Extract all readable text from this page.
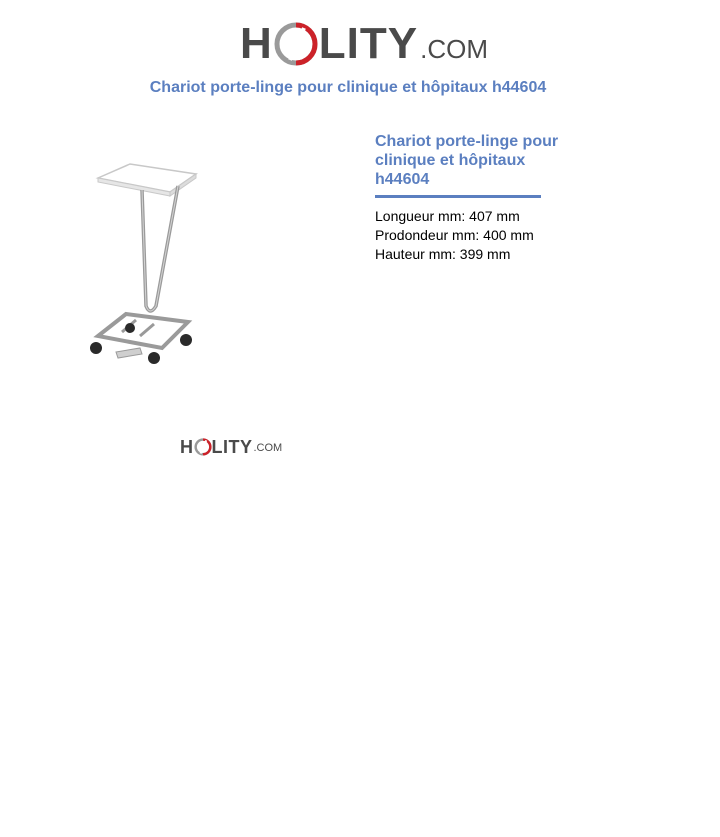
H LITY .COM
Chariot porte-linge pour clinique et hôpitaux h44604
Chariot porte-linge pour clinique et hôpitaux h44604
Longueur mm: 407 mm
Prodondeur mm: 400 mm
Hauteur mm: 399 mm
H LITY .COM
